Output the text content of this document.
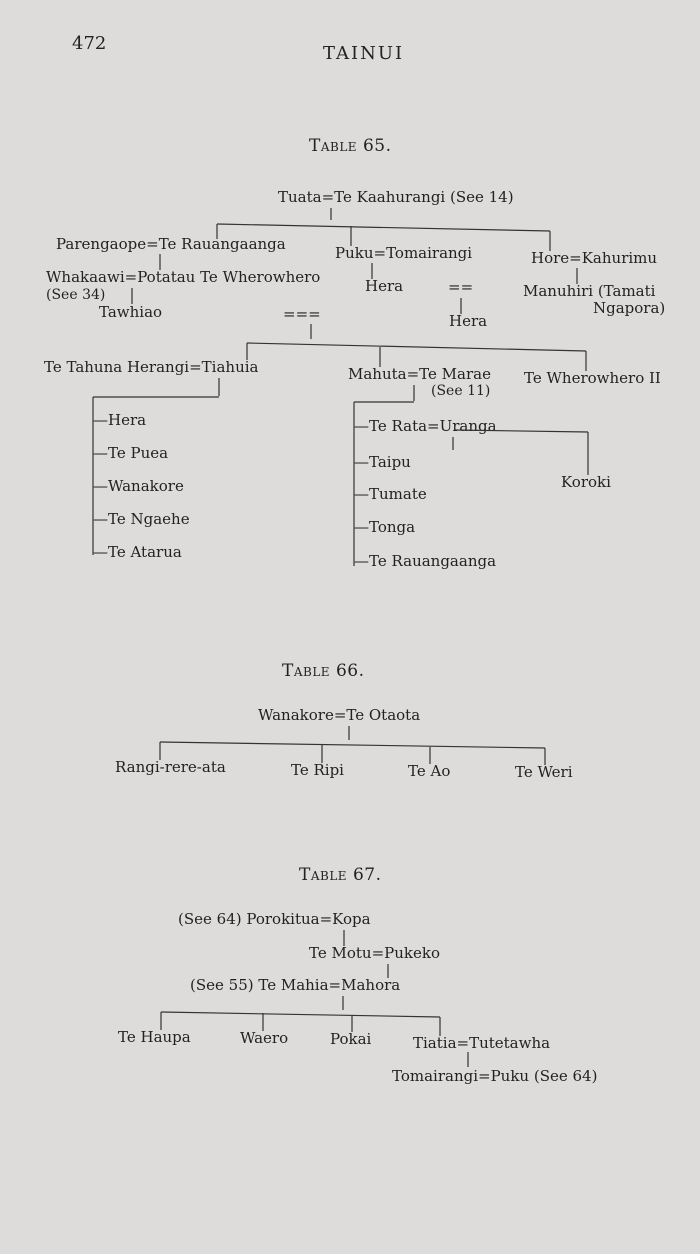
472	TAINUI
Table 65.
Tuata=Te Kaahurangi (See 14)
Parengaope=Te Rauangaanga	Puku=Tomairangi	Hore=Kahurimu
Whakaawi=Potatau Te Wherowhero
(See 34)	Hera	==	Manuhiri (Tamati
Ngapora)
Tawhiao	===	Hera
Te Tahuna Herangi=Tiahuia	Mahuta=Te Marae Te Wherowhero II
(See 11)
—Hera
—Te Puea
—Wanakore
—Te Ngaehe
—Te Atarua
—Te Rata=Uranga
—Taipu
—Tumate
—Tonga
—Te Rauangaanga
Koroki
Table 66.
Wanakore=Te Otaota
Rangi-rere-ata	Te Ripi	Te Ao	Te Weri
Table 67.
(See 64) Porokitua=Kopa
Te Motu=Pukeko
(See 55) Te Mahia=Mahora
Te Haupa	Waero	Pokai	Tiatia=Tutetawha
Tomairangi=Puku (See 64)
